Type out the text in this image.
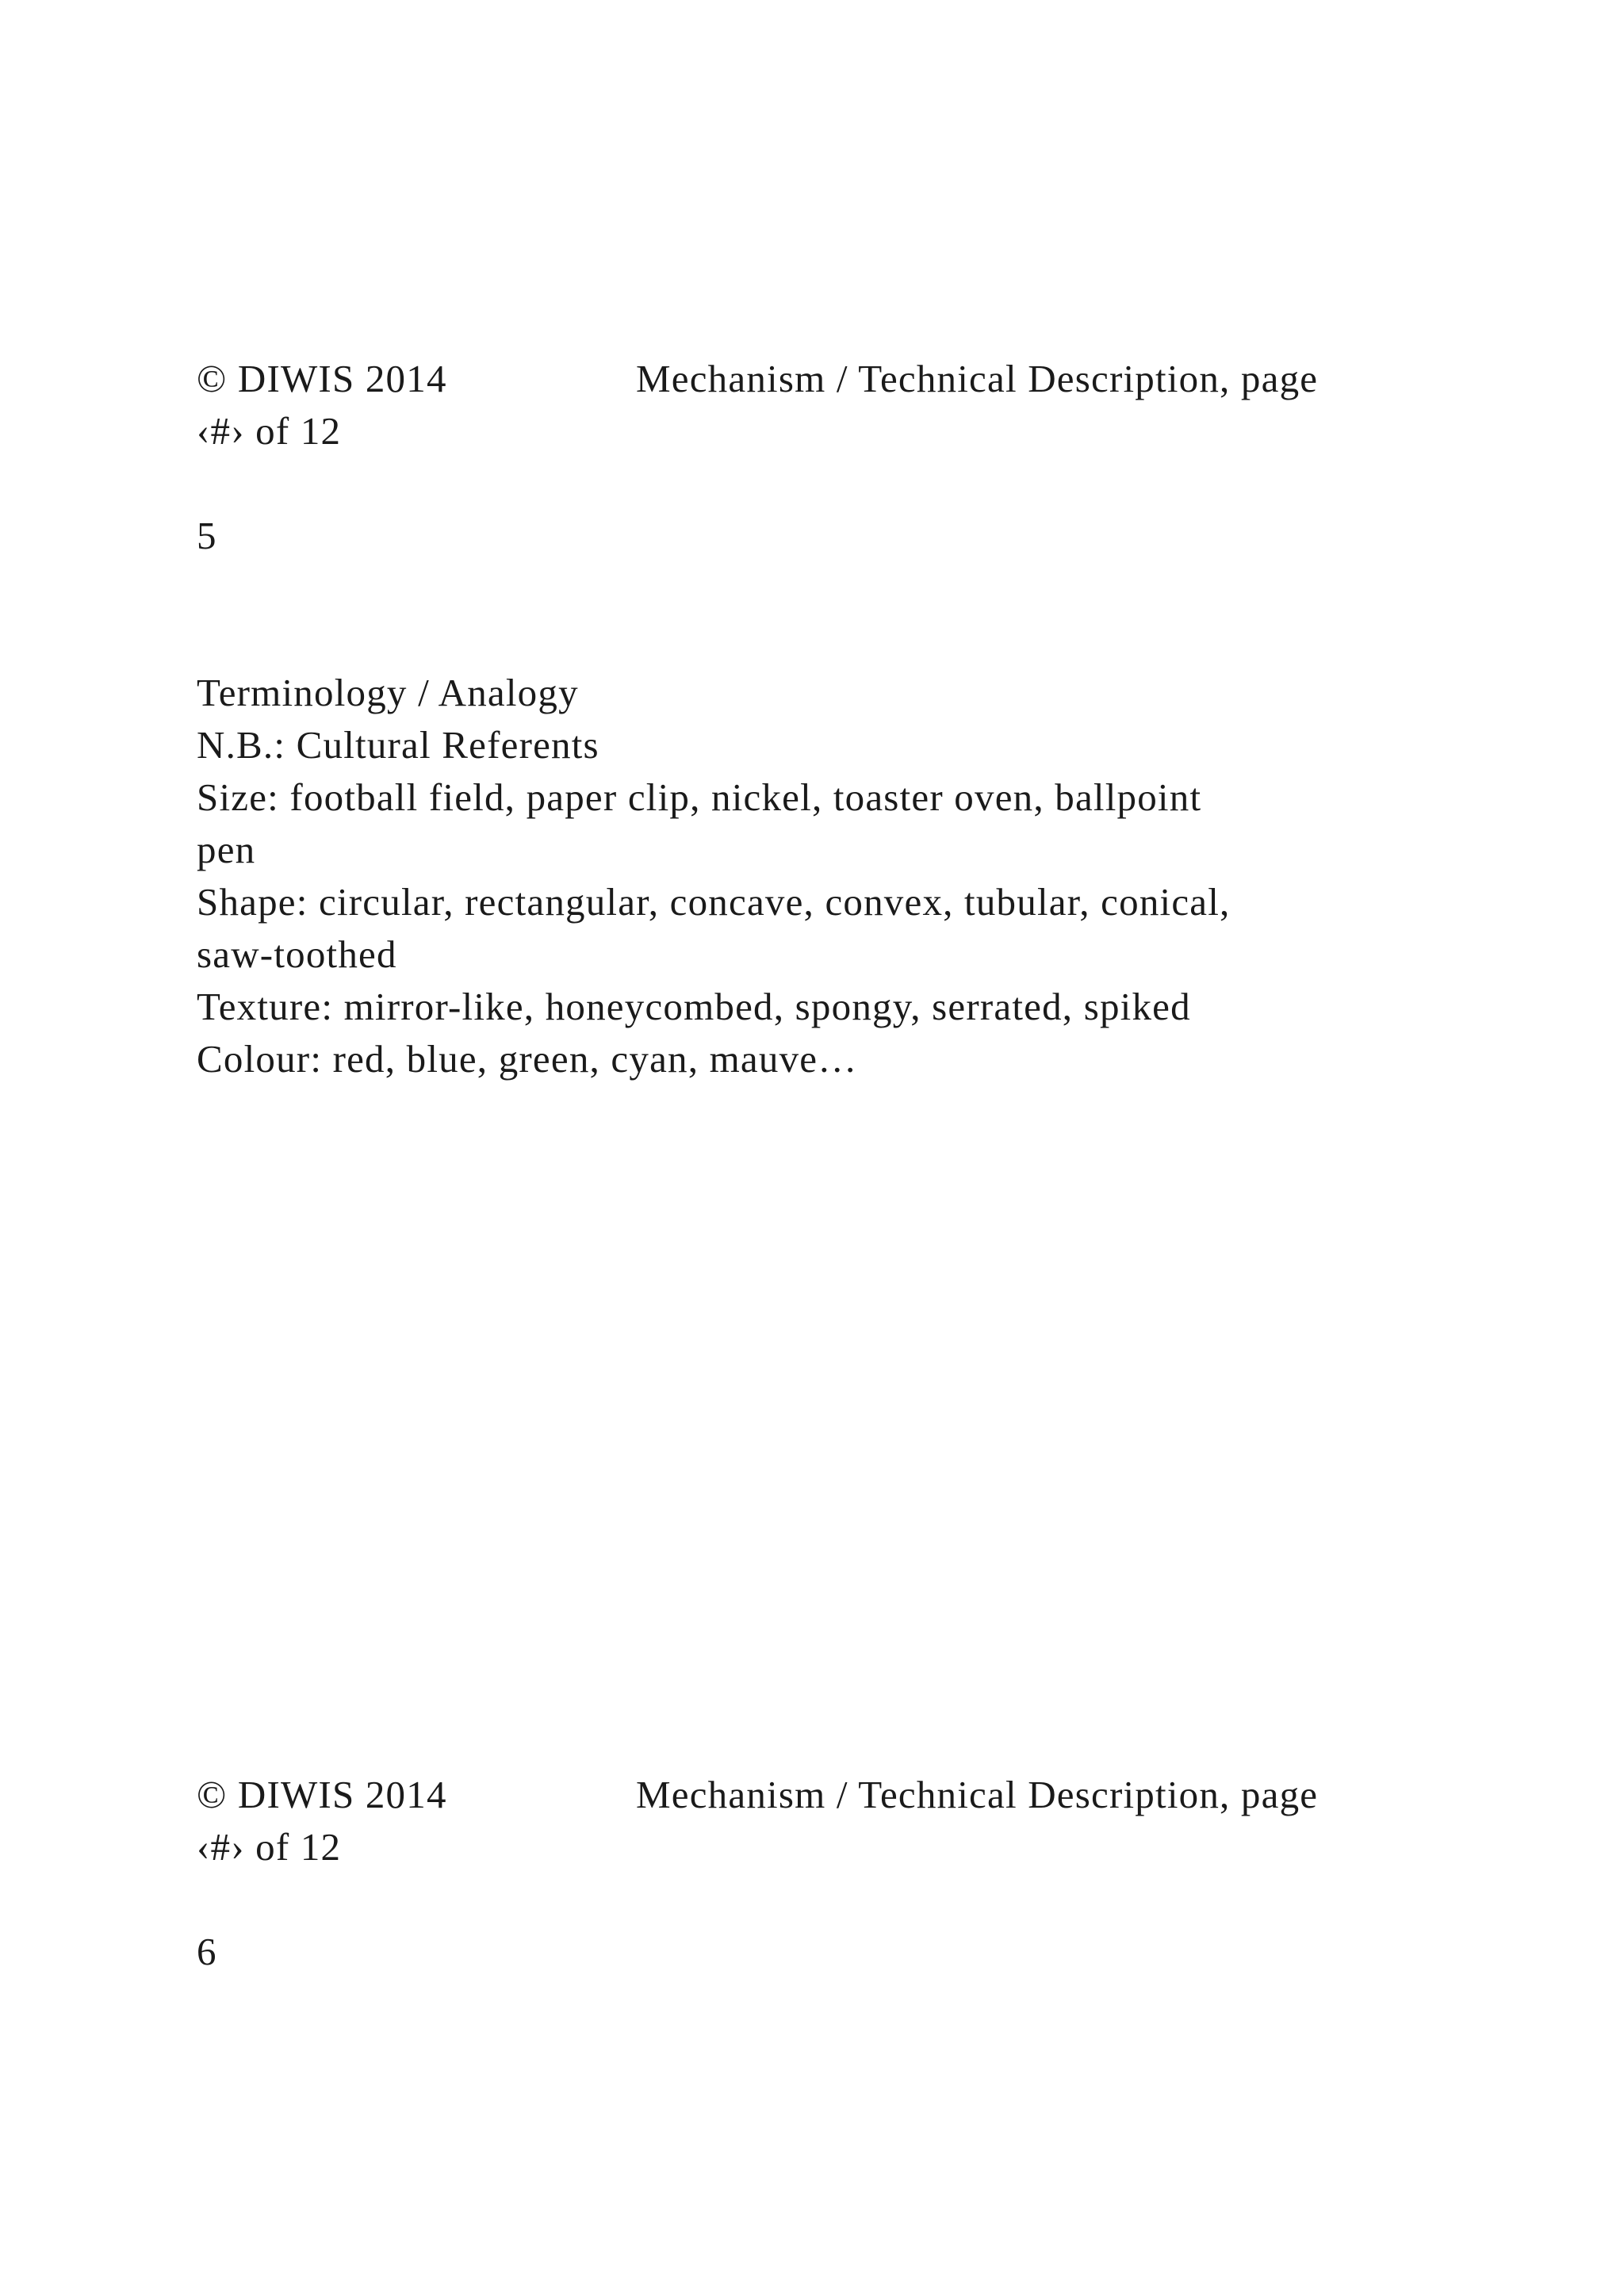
© DIWIS 2014	Mechanism / Technical Description, page
‹#› of 12
5
Terminology / Analogy
N.B.: Cultural Referents
Size: football field, paper clip, nickel, toaster oven, ballpoint
pen
Shape: circular, rectangular, concave, convex, tubular, conical,
saw-toothed
Texture: mirror-like, honeycombed, spongy, serrated, spiked
Colour: red, blue, green, cyan, mauve…
© DIWIS 2014	Mechanism / Technical Description, page
‹#› of 12
6
